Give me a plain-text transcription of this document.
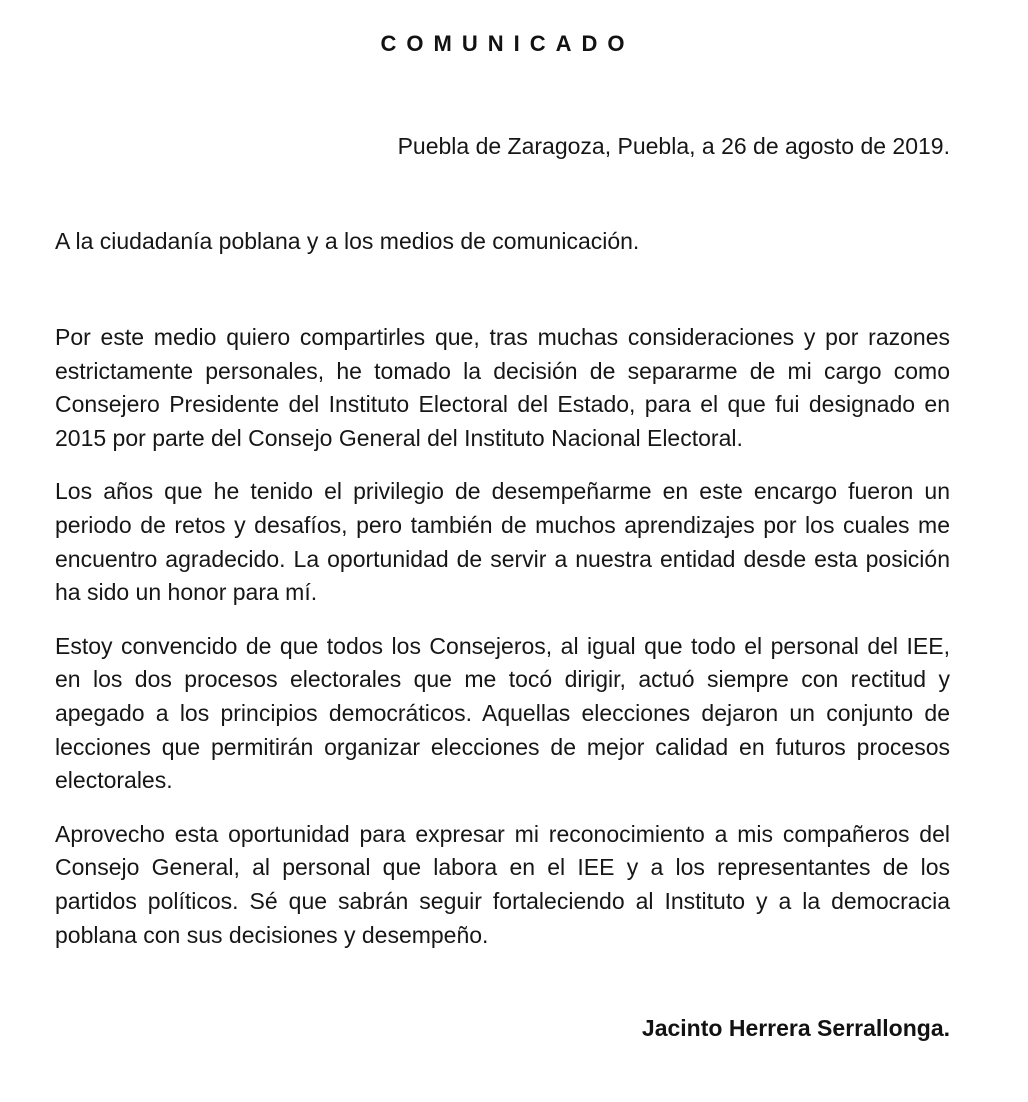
COMUNICADO

Puebla de Zaragoza, Puebla, a 26 de agosto de 2019.

A la ciudadanía poblana y a los medios de comunicación.

Por este medio quiero compartirles que, tras muchas consideraciones y por razones estrictamente personales, he tomado la decisión de separarme de mi cargo como Consejero Presidente del Instituto Electoral del Estado, para el que fui designado en 2015 por parte del Consejo General del Instituto Nacional Electoral.

Los años que he tenido el privilegio de desempeñarme en este encargo fueron un periodo de retos y desafíos, pero también de muchos aprendizajes por los cuales me encuentro agradecido. La oportunidad de servir a nuestra entidad desde esta posición ha sido un honor para mí.

Estoy convencido de que todos los Consejeros, al igual que todo el personal del IEE, en los dos procesos electorales que me tocó dirigir, actuó siempre con rectitud y apegado a los principios democráticos. Aquellas elecciones dejaron un conjunto de lecciones que permitirán organizar elecciones de mejor calidad en futuros procesos electorales.

Aprovecho esta oportunidad para expresar mi reconocimiento a mis compañeros del Consejo General, al personal que labora en el IEE y a los representantes de los partidos políticos. Sé que sabrán seguir fortaleciendo al Instituto y a la democracia poblana con sus decisiones y desempeño.

Jacinto Herrera Serrallonga.
